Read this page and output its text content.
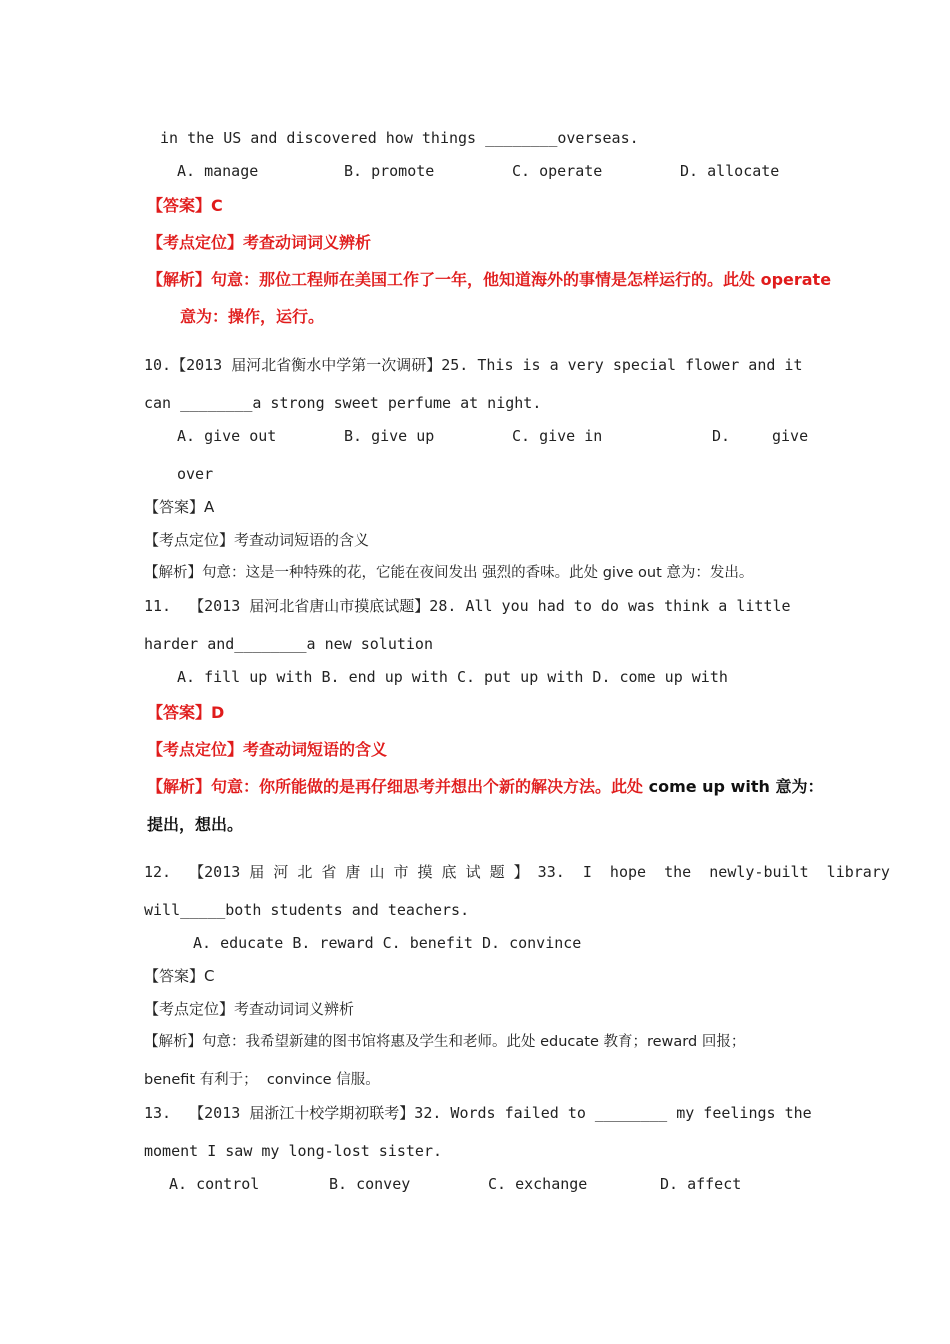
in the US and discovered how things ________overseas.
A. manage	B. promote	C. operate	D. allocate
【答案】C
【考点定位】考查动词词义辨析
【解析】句意：那位工程师在美国工作了一年，他知道海外的事情是怎样运行的。此处 operate
意为：操作，运行。
10.【2013 届河北省衡水中学第一次调研】25. This is a very special flower and it
can ________a strong sweet perfume at night.
A. give out	B. give up	C. give in	D.	give
over
【答案】A
【考点定位】考查动词短语的含义
【解析】句意：这是一种特殊的花，它能在夜间发出 强烈的香味。此处 give out 意为：发出。
11.  【2013 届河北省唐山市摸底试题】28. All you had to do was think a little
harder and________a new solution
A. fill up with B. end up with C. put up with D. come up with
【答案】D
【考点定位】考查动词短语的含义
【解析】句意：你所能做的是再仔细思考并想出个新的解决方法。此处 come up with 意为：
提出，想出。
12.  【2013 届 河 北 省 唐 山 市 摸 底 试 题 】 33.  I  hope  the  newly-built  library
will_____both students and teachers.
A. educate B. reward C. benefit D. convince
【答案】C
【考点定位】考查动词词义辨析
【解析】句意：我希望新建的图书馆将惠及学生和老师。此处 educate 教育；reward 回报；
benefit 有利于；  convince 信服。
13.  【2013 届浙江十校学期初联考】32. Words failed to ________ my feelings the
moment I saw my long-lost sister.
A. control	B. convey	C. exchange	D. affect
